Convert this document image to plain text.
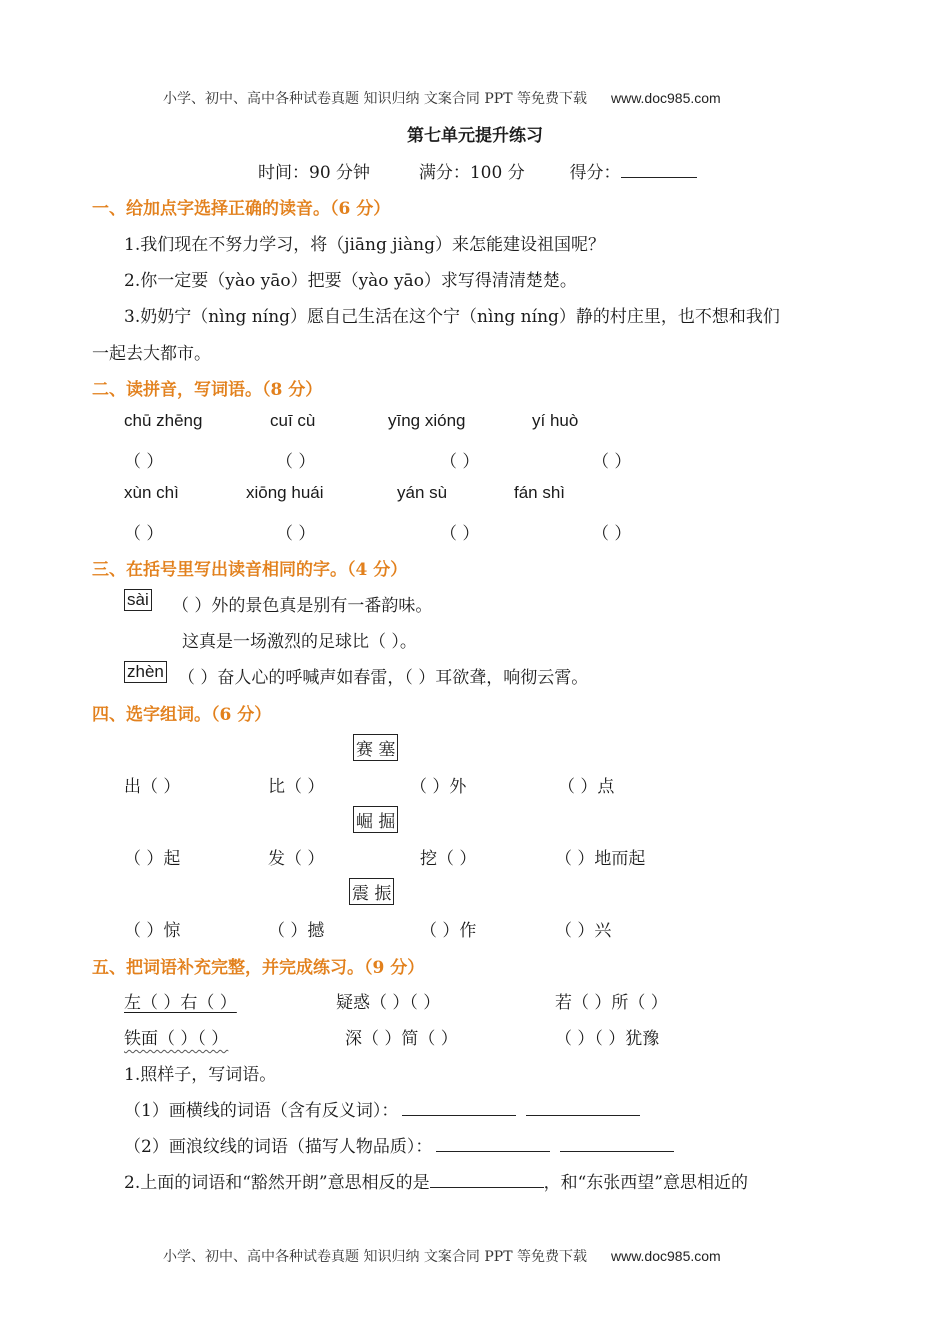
小学、初中、高中各种试卷真题 知识归纳 文案合同 PPT 等免费下载 www.doc985.com
第七单元提升练习
时间：90 分钟	满分：100 分	得分：
一、给加点字选择正确的读音。（6 分）
1.我们现在不努力学习，将（jiāng jiàng）来怎能建设祖国呢？
2.你一定要（yào yāo）把要（yào yāo）求写得清清楚楚。
3.奶奶宁（nìng níng）愿自己生活在这个宁（nìng níng）静的村庄里，也不想和我们
一起去大都市。
二、读拼音，写词语。（8 分）
chū zhēng	cuī cù	yīng xióng	yí huò
（ ）	（ ）	（ ）	（ ）
xùn chì	xiōng huái	yán sù	fán shì
（ ）	（ ）	（ ）	（ ）
三、在括号里写出读音相同的字。（4 分）
sài （ ）外的景色真是别有一番韵味。
这真是一场激烈的足球比（ ）。
zhèn （ ）奋人心的呼喊声如春雷，（ ）耳欲聋，响彻云霄。
四、选字组词。（6 分）
赛 塞
出（ ）	比（ ）	（ ）外	（ ）点
崛 掘
（ ）起	发（ ）	挖（ ）	（ ）地而起
震 振
（ ）惊	（ ）撼	（ ）作	（ ）兴
五、把词语补充完整，并完成练习。（9 分）
左（ ）右（ ）	疑惑（ ）（ ）	若（ ）所（ ）
铁面（ ）（ ）	深（ ）简（ ）	（ ）（ ）犹豫
1.照样子，写词语。
（1）画横线的词语（含有反义词）：
（2）画浪纹线的词语（描写人物品质）：
2.上面的词语和“豁然开朗”意思相反的是	，和“东张西望”意思相近的
小学、初中、高中各种试卷真题 知识归纳 文案合同 PPT 等免费下载 www.doc985.com
